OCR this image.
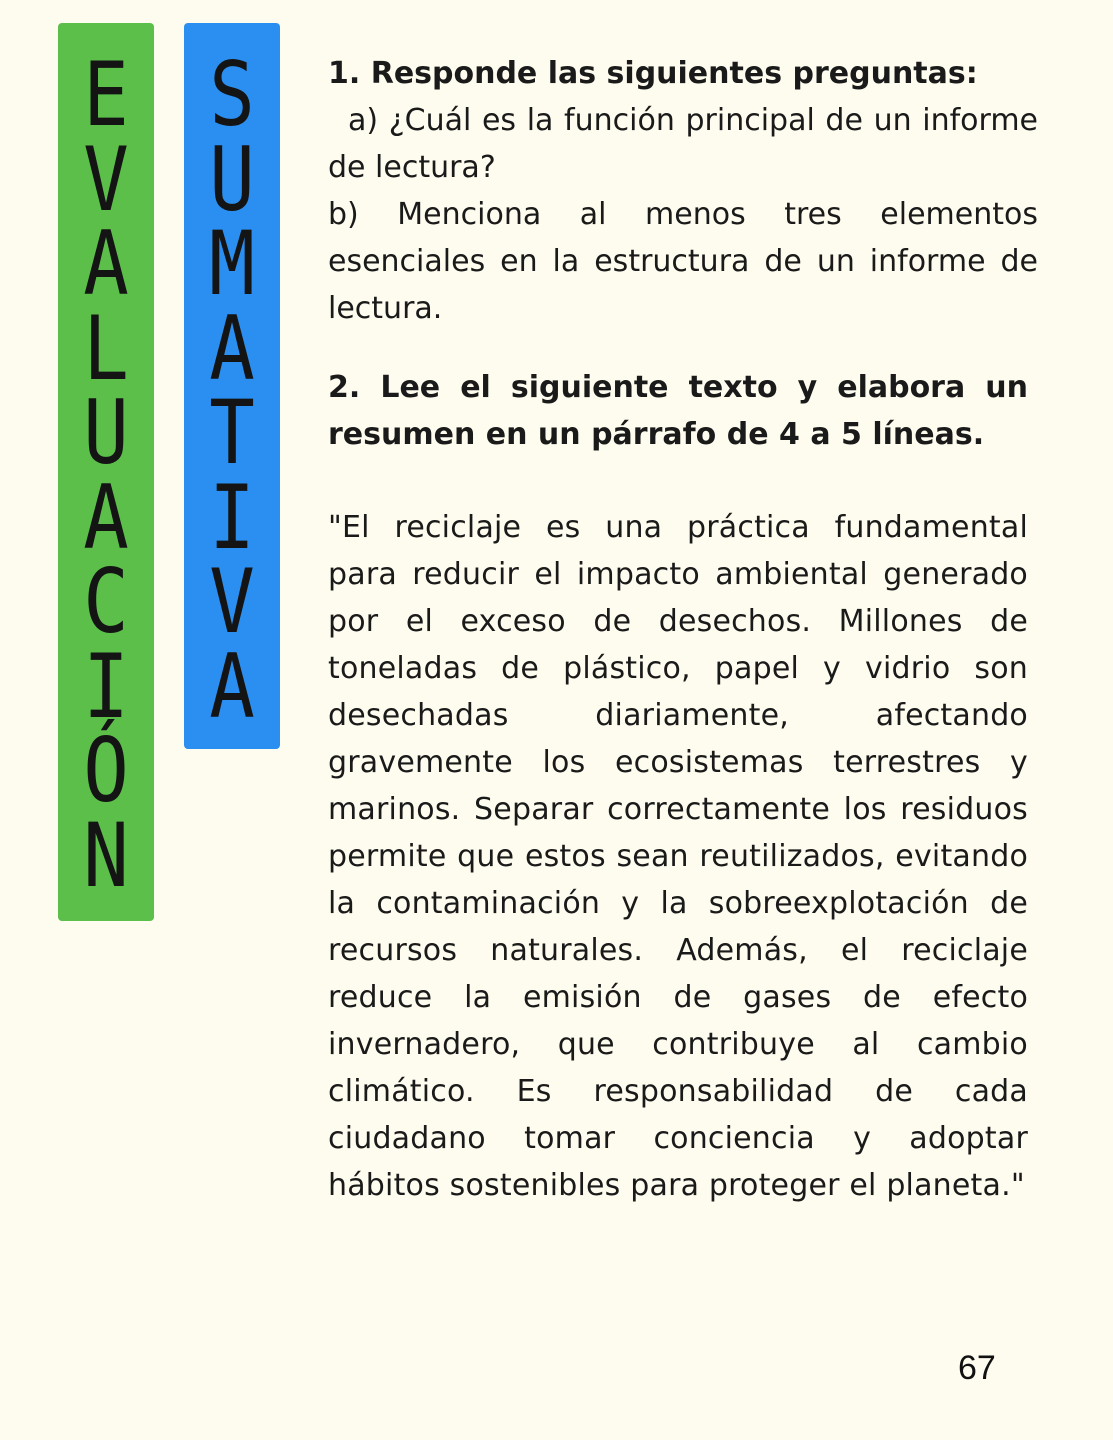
E
V
A
L
U
A
C
I
Ó
N
S
U
M
A
T
I
V
A

1. Responde las siguientes preguntas:

a) ¿Cuál es la función principal de un informe de lectura?

b) Menciona al menos tres elementos esenciales en la estructura de un informe de lectura.

2. Lee el siguiente texto y elabora un resumen en un párrafo de 4 a 5 líneas.

"El reciclaje es una práctica fundamental para reducir el impacto ambiental generado por el exceso de desechos. Millones de toneladas de plástico, papel y vidrio son desechadas diariamente, afectando gravemente los ecosistemas terrestres y marinos. Separar correctamente los residuos permite que estos sean reutilizados, evitando la contaminación y la sobreexplotación de recursos naturales. Además, el reciclaje reduce la emisión de gases de efecto invernadero, que contribuye al cambio climático. Es responsabilidad de cada ciudadano tomar conciencia y adoptar hábitos sostenibles para proteger el planeta."

67
